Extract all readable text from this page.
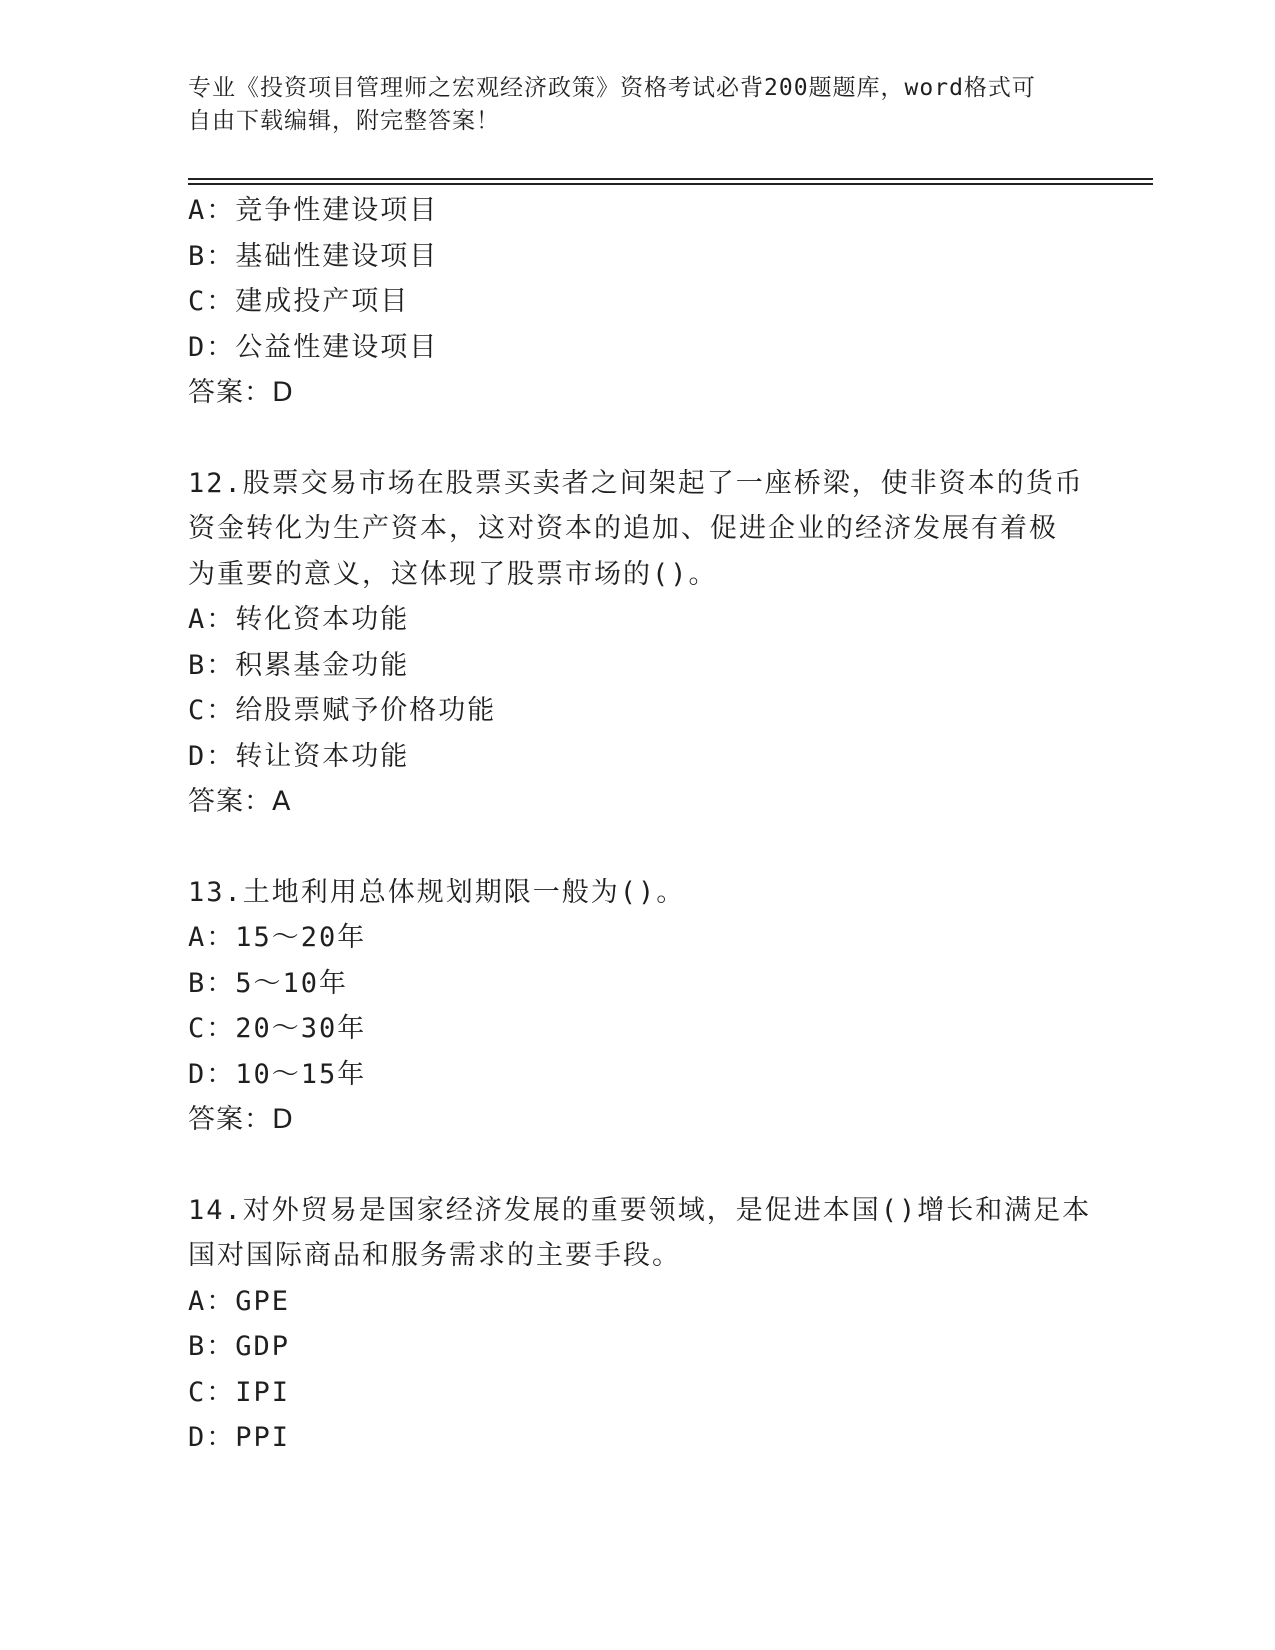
专业《投资项目管理师之宏观经济政策》资格考试必背200题题库，word格式可
自由下载编辑，附完整答案！
A：竞争性建设项目
B：基础性建设项目
C：建成投产项目
D：公益性建设项目
答案：D
12.股票交易市场在股票买卖者之间架起了一座桥梁，使非资本的货币
资金转化为生产资本，这对资本的追加、促进企业的经济发展有着极
为重要的意义，这体现了股票市场的()。
A：转化资本功能
B：积累基金功能
C：给股票赋予价格功能
D：转让资本功能
答案：A
13.土地利用总体规划期限一般为()。
A：15～20年
B：5～10年
C：20～30年
D：10～15年
答案：D
14.对外贸易是国家经济发展的重要领域，是促进本国()增长和满足本
国对国际商品和服务需求的主要手段。
A：GPE
B：GDP
C：IPI
D：PPI
